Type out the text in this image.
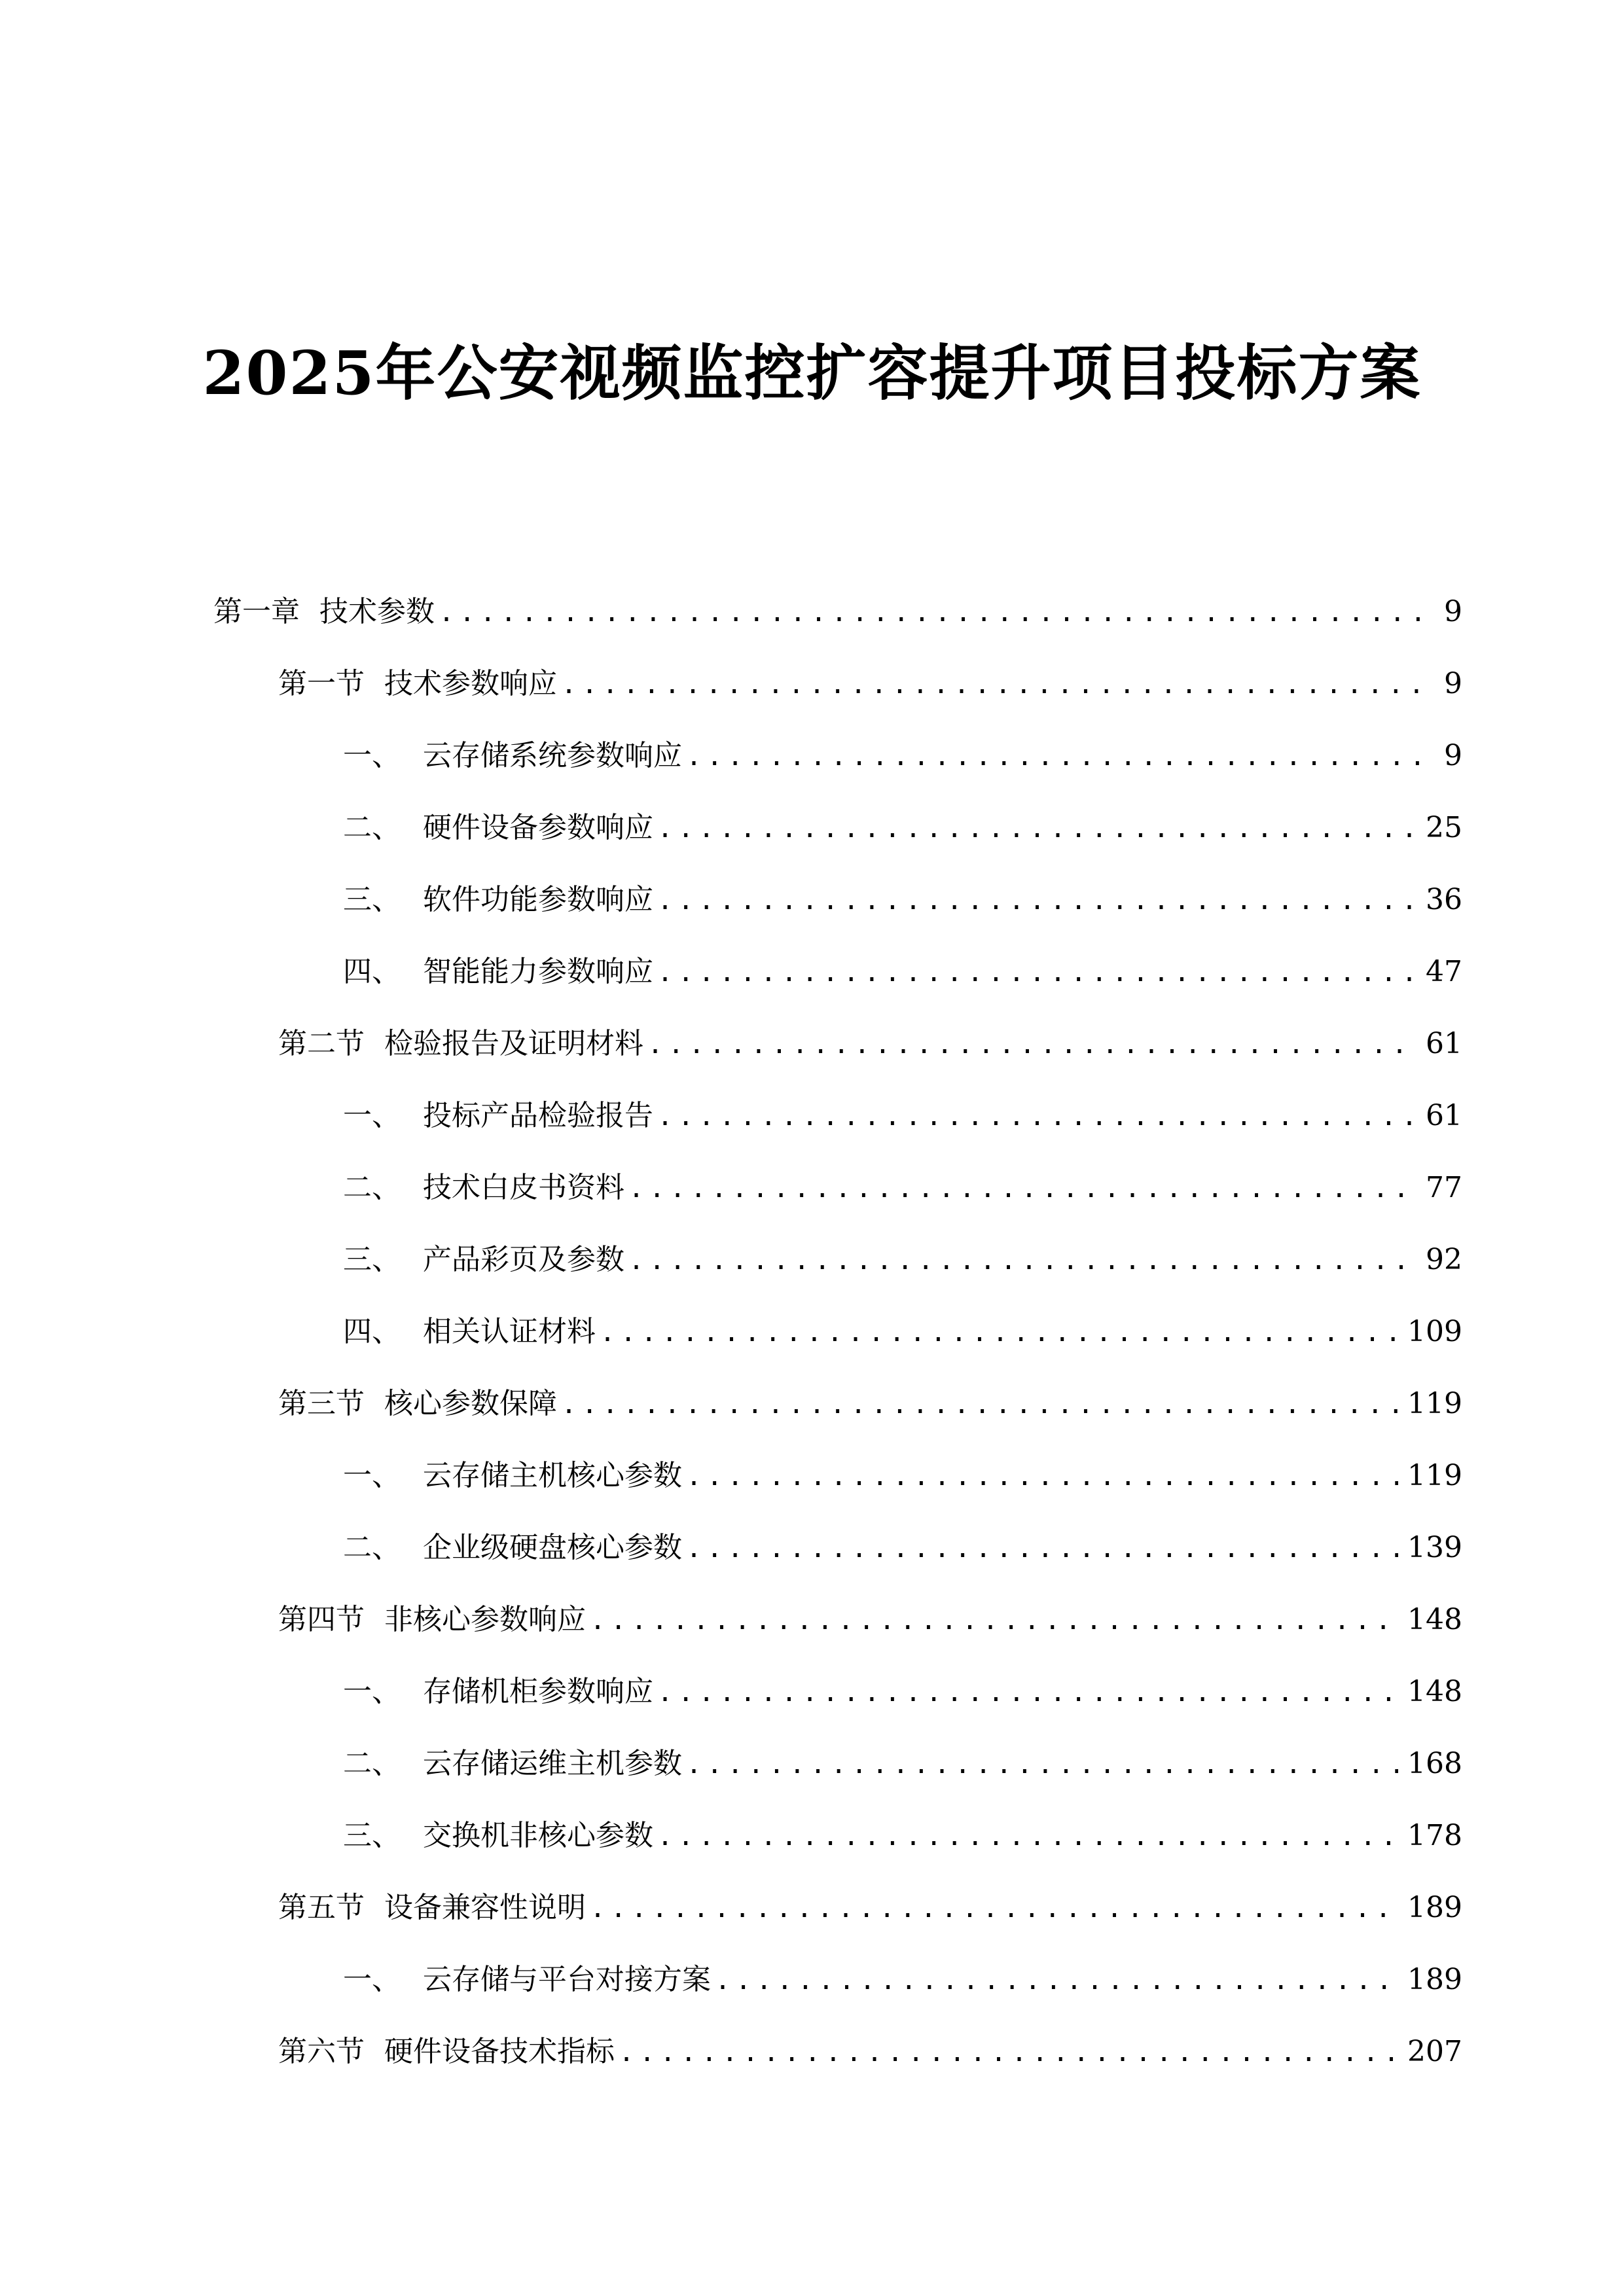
2025年公安视频监控扩容提升项目投标方案
第一章 技术参数 .....	9
第一节 技术参数响应 .....	9
一、 云存储系统参数响应 .....	9
二、 硬件设备参数响应 .....	25
三、 软件功能参数响应 .....	36
四、 智能能力参数响应 .....	47
第二节 检验报告及证明材料 .....	61
一、 投标产品检验报告 .....	61
二、 技术白皮书资料 .....	77
三、 产品彩页及参数 .....	92
四、 相关认证材料 .....	109
第三节 核心参数保障 .....	119
一、 云存储主机核心参数 .....	119
二、 企业级硬盘核心参数 .....	139
第四节 非核心参数响应 .....	148
一、 存储机柜参数响应 .....	148
二、 云存储运维主机参数 .....	168
三、 交换机非核心参数 .....	178
第五节 设备兼容性说明 .....	189
一、 云存储与平台对接方案 .....	189
第六节 硬件设备技术指标 .....	207
